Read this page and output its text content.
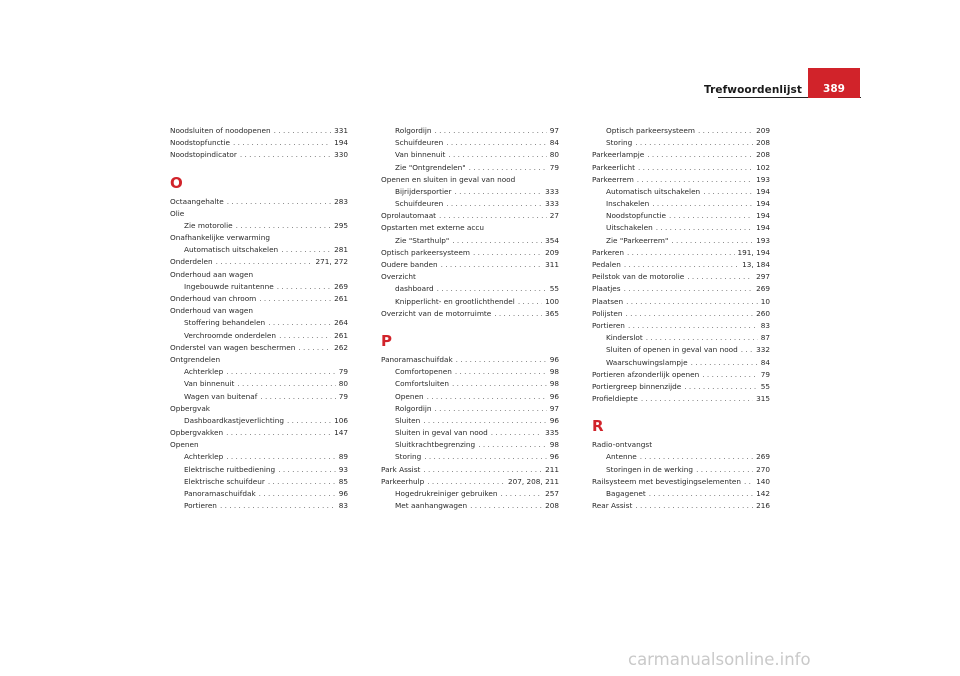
Trefwoordenlijst 389
Noodsluiten of noodopenen . . .	331
Noodstopfunctie . . .	194
Noodstopindicator . . .	330
O
Octaangehalte . . .	283
Olie
Zie motorolie . . .	295
Onafhankelijke verwarming
Automatisch uitschakelen . . .	281
Onderdelen . . .	271, 272
Onderhoud aan wagen
Ingebouwde ruitantenne . . .	269
Onderhoud van chroom . . .	261
Onderhoud van wagen
Stoffering behandelen . . .	264
Verchroomde onderdelen . . .	261
Onderstel van wagen beschermen . . .	262
Ontgrendelen
Achterklep . . .	79
Van binnenuit . . .	80
Wagen van buitenaf . . .	79
Opbergvak
Dashboardkastjeverlichting . . .	106
Opbergvakken . . .	147
Openen
Achterklep . . .	89
Elektrische ruitbediening . . .	93
Elektrische schuifdeur . . .	85
Panoramaschuifdak . . .	96
Portieren . . .	83
Rolgordijn . . .	97
Schuifdeuren . . .	84
Van binnenuit . . .	80
Zie "Ontgrendelen" . . .	79
Openen en sluiten in geval van nood
Bijrijdersportier . . .	333
Schuifdeuren . . .	333
Oprolautomaat . . .	27
Opstarten met externe accu
Zie "Starthulp" . . .	354
Optisch parkeersysteem . . .	209
Oudere banden . . .	311
Overzicht
dashboard . . .	55
Knipperlicht- en grootlichthendel . . .	100
Overzicht van de motorruimte . . .	365
P
Panoramaschuifdak . . .	96
Comfortopenen . . .	98
Comfortsluiten . . .	98
Openen . . .	96
Rolgordijn . . .	97
Sluiten . . .	96
Sluiten in geval van nood . . .	335
Sluitkrachtbegrenzing . . .	98
Storing . . .	96
Park Assist . . .	211
Parkeerhulp . . .	207, 208, 211
Hogedrukreiniger gebruiken . . .	257
Met aanhangwagen . . .	208
Optisch parkeersysteem . . .	209
Storing . . .	208
Parkeerlampje . . .	208
Parkeerlicht . . .	102
Parkeerrem . . .	193
Automatisch uitschakelen . . .	194
Inschakelen . . .	194
Noodstopfunctie . . .	194
Uitschakelen . . .	194
Zie "Parkeerrem" . . .	193
Parkeren . . .	191, 194
Pedalen . . .	13, 184
Peilstok van de motorolie . . .	297
Plaatjes . . .	269
Plaatsen . . .	10
Polijsten . . .	260
Portieren . . .	83
Kinderslot . . .	87
Sluiten of openen in geval van nood . . .	332
Waarschuwingslampje . . .	84
Portieren afzonderlijk openen . . .	79
Portiergreep binnenzijde . . .	55
Profieldiepte . . .	315
R
Radio-ontvangst
Antenne . . .	269
Storingen in de werking . . .	270
Railsysteem met bevestigingselementen . . . 140
Bagagenet . . .	142
Rear Assist . . .	216
carmanualsonline.info
